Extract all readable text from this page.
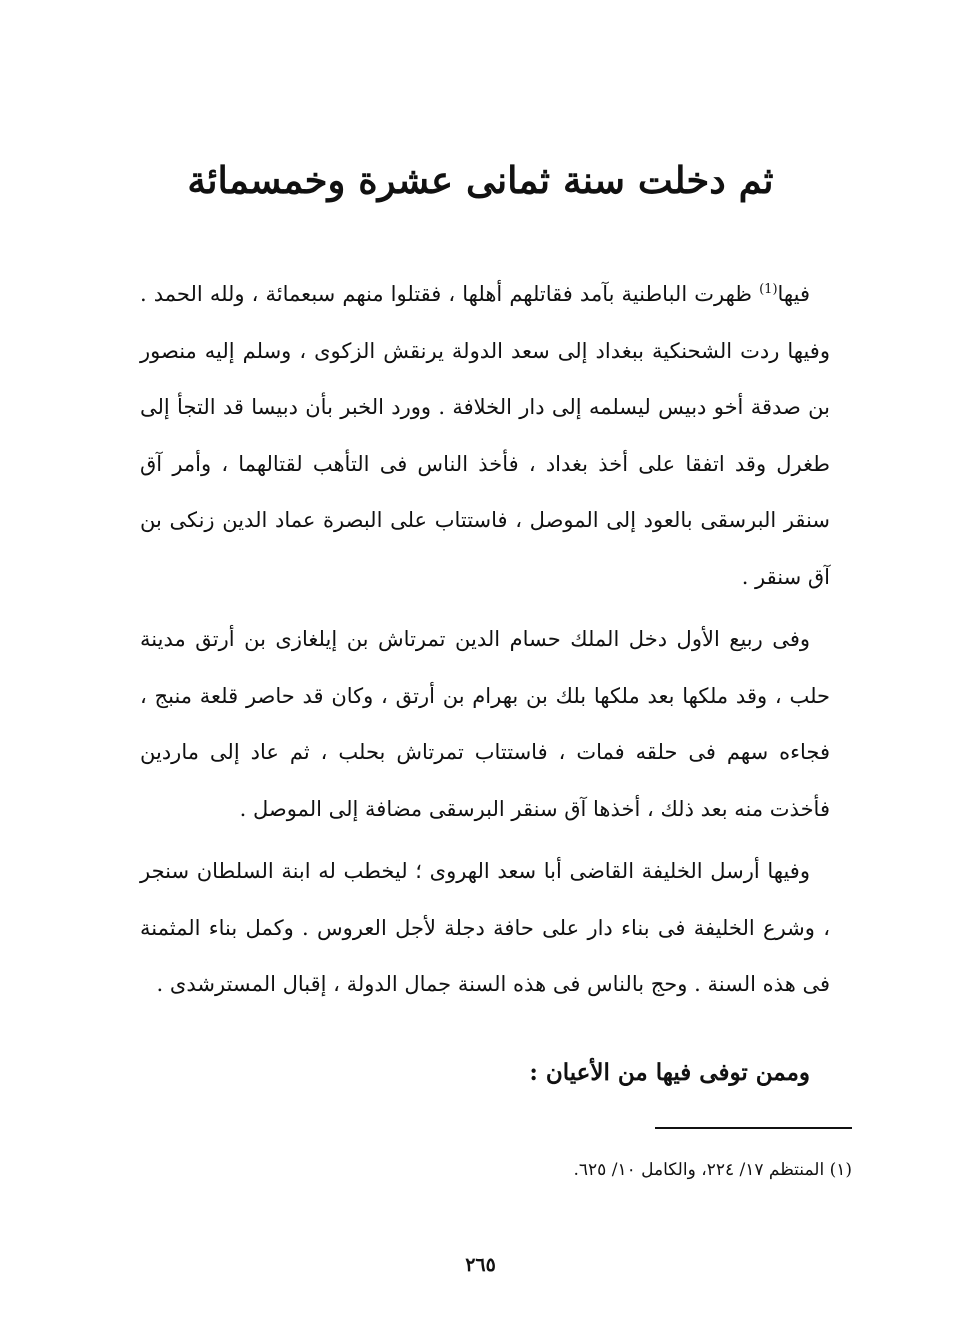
ثم دخلت سنة ثمانى عشرة وخمسمائة

فيها$^{(1)}$ ظهرت الباطنية بآمد فقاتلهم أهلها ، فقتلوا منهم سبعمائة ، ولله الحمد . وفيها ردت الشحنكية ببغداد إلى سعد الدولة يرنقش الزكوى ، وسلم إليه منصور بن صدقة أخو دبيس ليسلمه إلى دار الخلافة . وورد الخبر بأن دبيسا قد التجأ إلى طغرل وقد اتفقا على أخذ بغداد ، فأخذ الناس فى التأهب لقتالهما ، وأمر آق سنقر البرسقى بالعود إلى الموصل ، فاستتاب على البصرة عماد الدين زنكى بن آق سنقر .

وفى ربيع الأول دخل الملك حسام الدين تمرتاش بن إيلغازى بن أرتق مدينة حلب ، وقد ملكها بعد ملكها بلك بن بهرام بن أرتق ، وكان قد حاصر قلعة منبج ، فجاءه سهم فى حلقه فمات ، فاستتاب تمرتاش بحلب ، ثم عاد إلى ماردين فأخذت منه بعد ذلك ، أخذها آق سنقر البرسقى مضافة إلى الموصل .

وفيها أرسل الخليفة القاضى أبا سعد الهروى ؛ ليخطب له ابنة السلطان سنجر ، وشرع الخليفة فى بناء دار على حافة دجلة لأجل العروس . وكمل بناء المثمنة فى هذه السنة . وحج بالناس فى هذه السنة جمال الدولة ، إقبال المسترشدى .

وممن توفى فيها من الأعيان :
(١) المنتظم ١٧/ ٢٢٤، والكامل ١٠/ ٦٢٥.
٢٦٥
